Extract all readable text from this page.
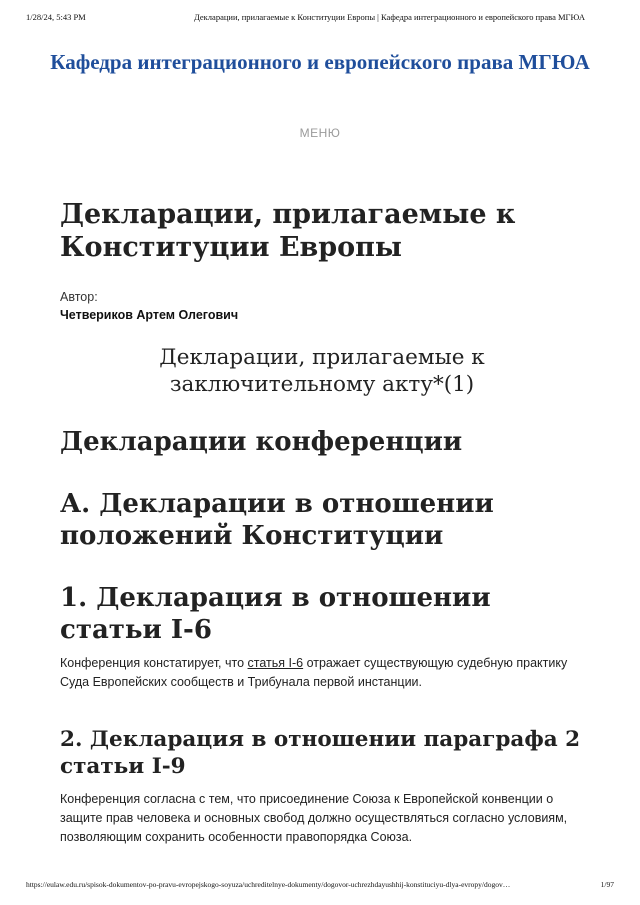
1/28/24, 5:43 PM	Декларации, прилагаемые к Конституции Европы | Кафедра интеграционного и европейского права МГЮА
Кафедра интеграционного и европейского права МГЮА
МЕНЮ
Декларации, прилагаемые к Конституции Европы
Автор:
Четвериков Артем Олегович
Декларации, прилагаемые к заключительному акту*(1)
Декларации конференции
А. Декларации в отношении положений Конституции
1. Декларация в отношении статьи I-6

Конференция констатирует, что статья I-6 отражает существующую судебную практику Суда Европейских сообществ и Трибунала первой инстанции.

2. Декларация в отношении параграфа 2 статьи I-9

Конференция согласна с тем, что присоединение Союза к Европейской конвенции о защите прав человека и основных свобод должно осуществляться согласно условиям, позволяющим сохранить особенности правопорядка Союза.

https://eulaw.edu.ru/spisok-dokumentov-po-pravu-evropejskogo-soyuza/uchreditelnye-dokumenty/dogovor-uchrezhdayushhij-konstituciyu-dlya-evropy/dogov…	1/97
